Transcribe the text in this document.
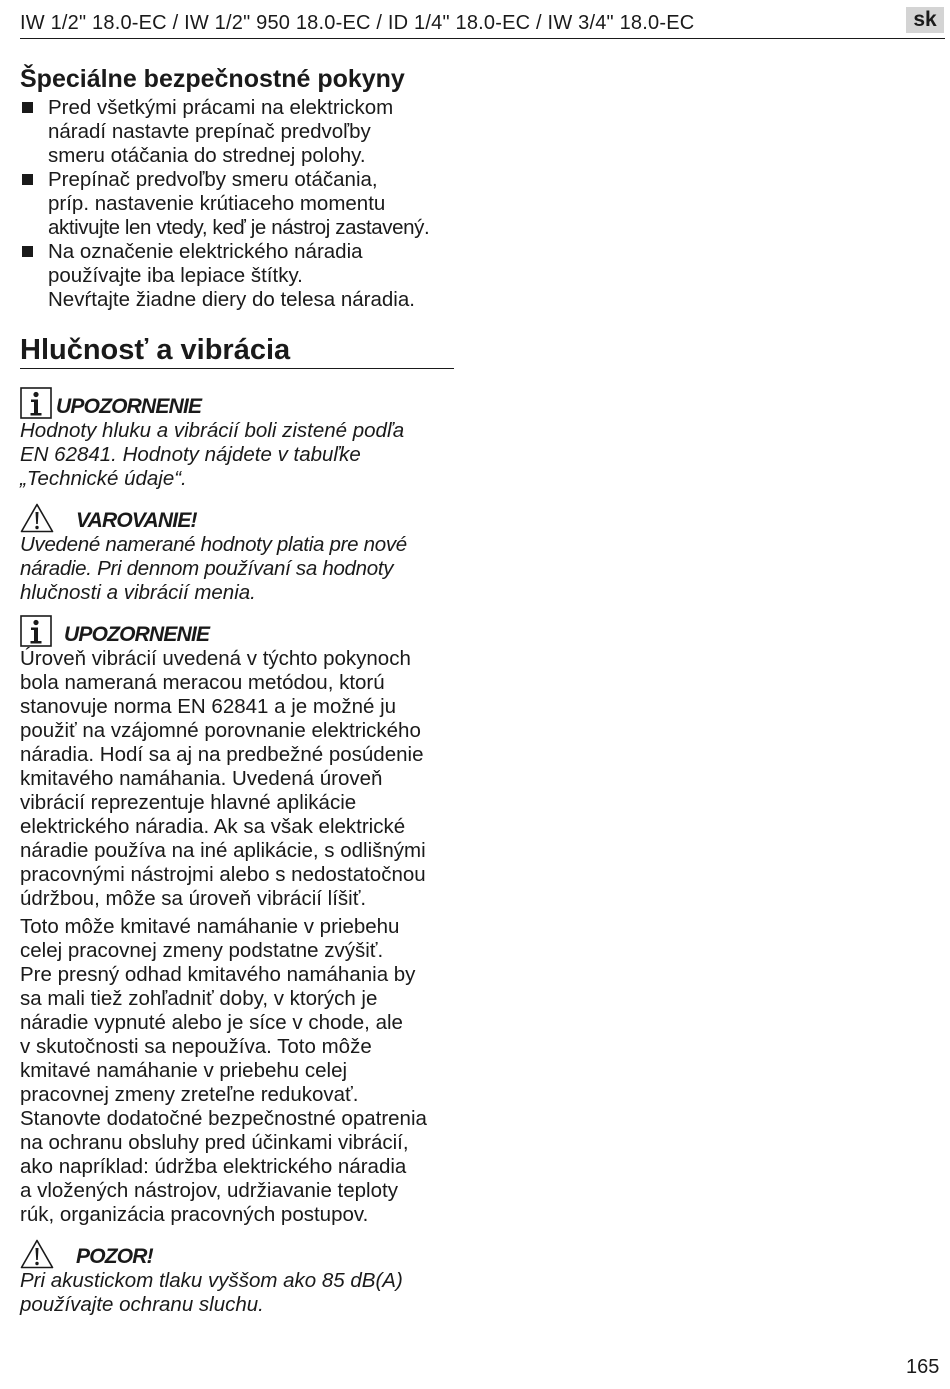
IW 1/2" 18.0-EC / IW 1/2" 950 18.0-EC / ID 1/4" 18.0-EC / IW 3/4" 18.0-EC	sk
Špeciálne bezpečnostné pokyny
Pred všetkými prácami na elektrickom
náradí nastavte prepínač predvoľby
smeru otáčania do strednej polohy.
Prepínač predvoľby smeru otáčania,
príp. nastavenie krútiaceho momentu
aktivujte len vtedy, keď je nástroj zastavený.
Na označenie elektrického náradia
používajte iba lepiace štítky.
Nevŕtajte žiadne diery do telesa náradia.
Hlučnosť a vibrácia
UPOZORNENIE

Hodnoty hluku a vibrácií boli zistené podľa

EN 62841. Hodnoty nájdete v tabuľke

„Technické údaje“.

VAROVANIE!

Uvedené namerané hodnoty platia pre nové

náradie. Pri dennom používaní sa hodnoty

hlučnosti a vibrácií menia.

UPOZORNENIE

Úroveň vibrácií uvedená v týchto pokynoch

bola nameraná meracou metódou, ktorú

stanovuje norma EN 62841 a je možné ju

použiť na vzájomné porovnanie elektrického

náradia. Hodí sa aj na predbežné posúdenie

kmitavého namáhania. Uvedená úroveň

vibrácií reprezentuje hlavné aplikácie

elektrického náradia. Ak sa však elektrické

náradie používa na iné aplikácie, s odlišnými

pracovnými nástrojmi alebo s nedostatočnou

údržbou, môže sa úroveň vibrácií líšiť.

Toto môže kmitavé namáhanie v priebehu

celej pracovnej zmeny podstatne zvýšiť.

Pre presný odhad kmitavého namáhania by

sa mali tiež zohľadniť doby, v ktorých je

náradie vypnuté alebo je síce v chode, ale

v skutočnosti sa nepoužíva. Toto môže

kmitavé namáhanie v priebehu celej

pracovnej zmeny zreteľne redukovať.

Stanovte dodatočné bezpečnostné opatrenia

na ochranu obsluhy pred účinkami vibrácií,

ako napríklad: údržba elektrického náradia

a vložených nástrojov, udržiavanie teploty

rúk, organizácia pracovných postupov.

POZOR!

Pri akustickom tlaku vyššom ako 85 dB(A)

používajte ochranu sluchu.

165
